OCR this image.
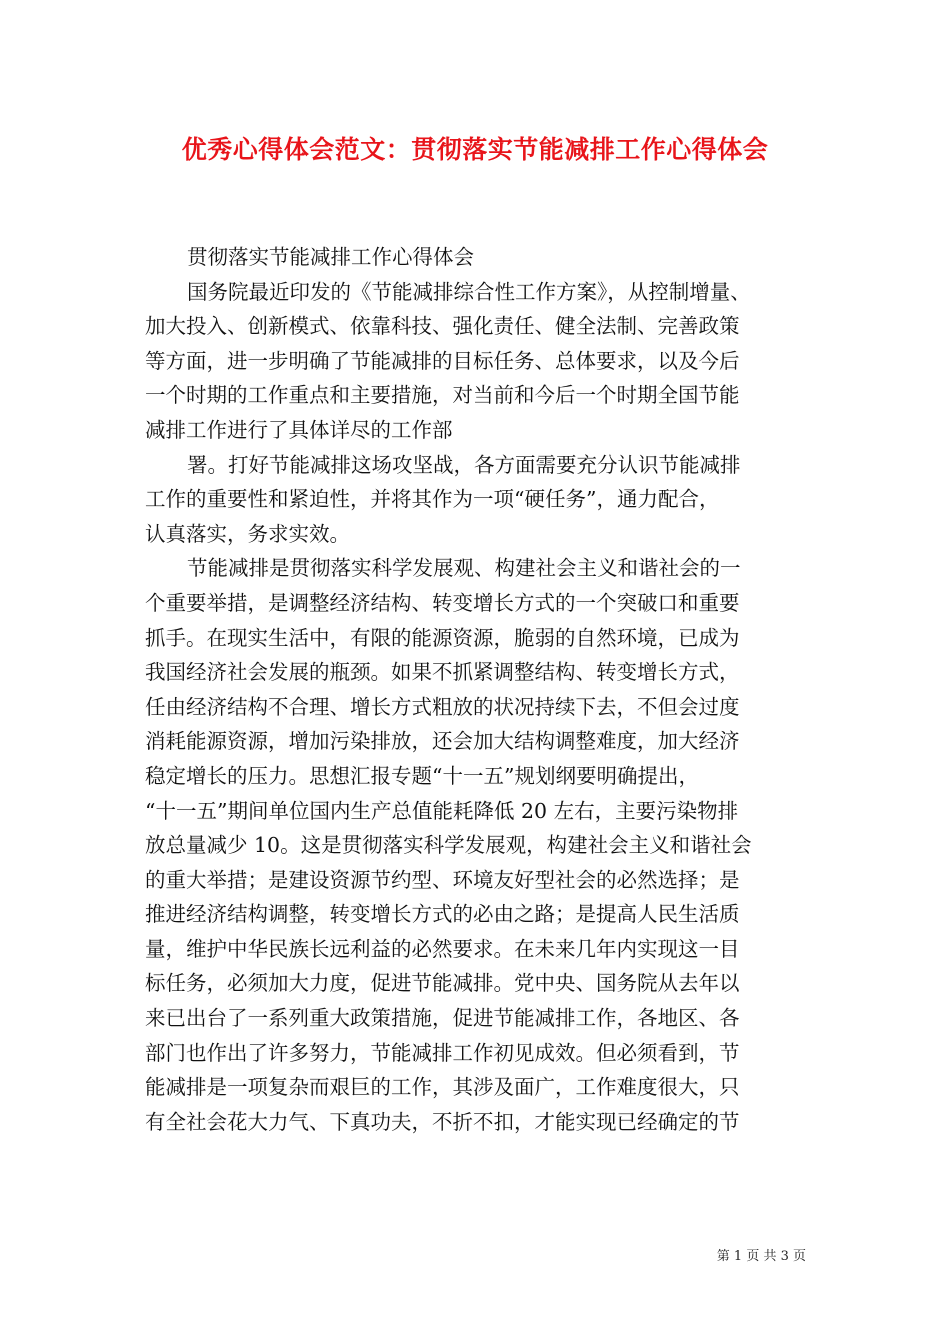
优秀心得体会范文：贯彻落实节能减排工作心得体会
贯彻落实节能减排工作心得体会
国务院最近印发的《节能减排综合性工作方案》，从控制增量、
加大投入、创新模式、依靠科技、强化责任、健全法制、完善政策
等方面，进一步明确了节能减排的目标任务、总体要求，以及今后
一个时期的工作重点和主要措施，对当前和今后一个时期全国节能
减排工作进行了具体详尽的工作部
署。打好节能减排这场攻坚战，各方面需要充分认识节能减排
工作的重要性和紧迫性，并将其作为一项“硬任务”，通力配合，
认真落实，务求实效。
节能减排是贯彻落实科学发展观、构建社会主义和谐社会的一
个重要举措，是调整经济结构、转变增长方式的一个突破口和重要
抓手。在现实生活中，有限的能源资源，脆弱的自然环境，已成为
我国经济社会发展的瓶颈。如果不抓紧调整结构、转变增长方式，
任由经济结构不合理、增长方式粗放的状况持续下去，不但会过度
消耗能源资源，增加污染排放，还会加大结构调整难度，加大经济
稳定增长的压力。思想汇报专题“十一五”规划纲要明确提出，
“十一五”期间单位国内生产总值能耗降低 20 左右，主要污染物排
放总量减少 10。这是贯彻落实科学发展观，构建社会主义和谐社会
的重大举措；是建设资源节约型、环境友好型社会的必然选择；是
推进经济结构调整，转变增长方式的必由之路；是提高人民生活质
量，维护中华民族长远利益的必然要求。在未来几年内实现这一目
标任务，必须加大力度，促进节能减排。党中央、国务院从去年以
来已出台了一系列重大政策措施，促进节能减排工作，各地区、各
部门也作出了许多努力，节能减排工作初见成效。但必须看到，节
能减排是一项复杂而艰巨的工作，其涉及面广，工作难度很大，只
有全社会花大力气、下真功夫，不折不扣，才能实现已经确定的节
第 1 页 共 3 页
